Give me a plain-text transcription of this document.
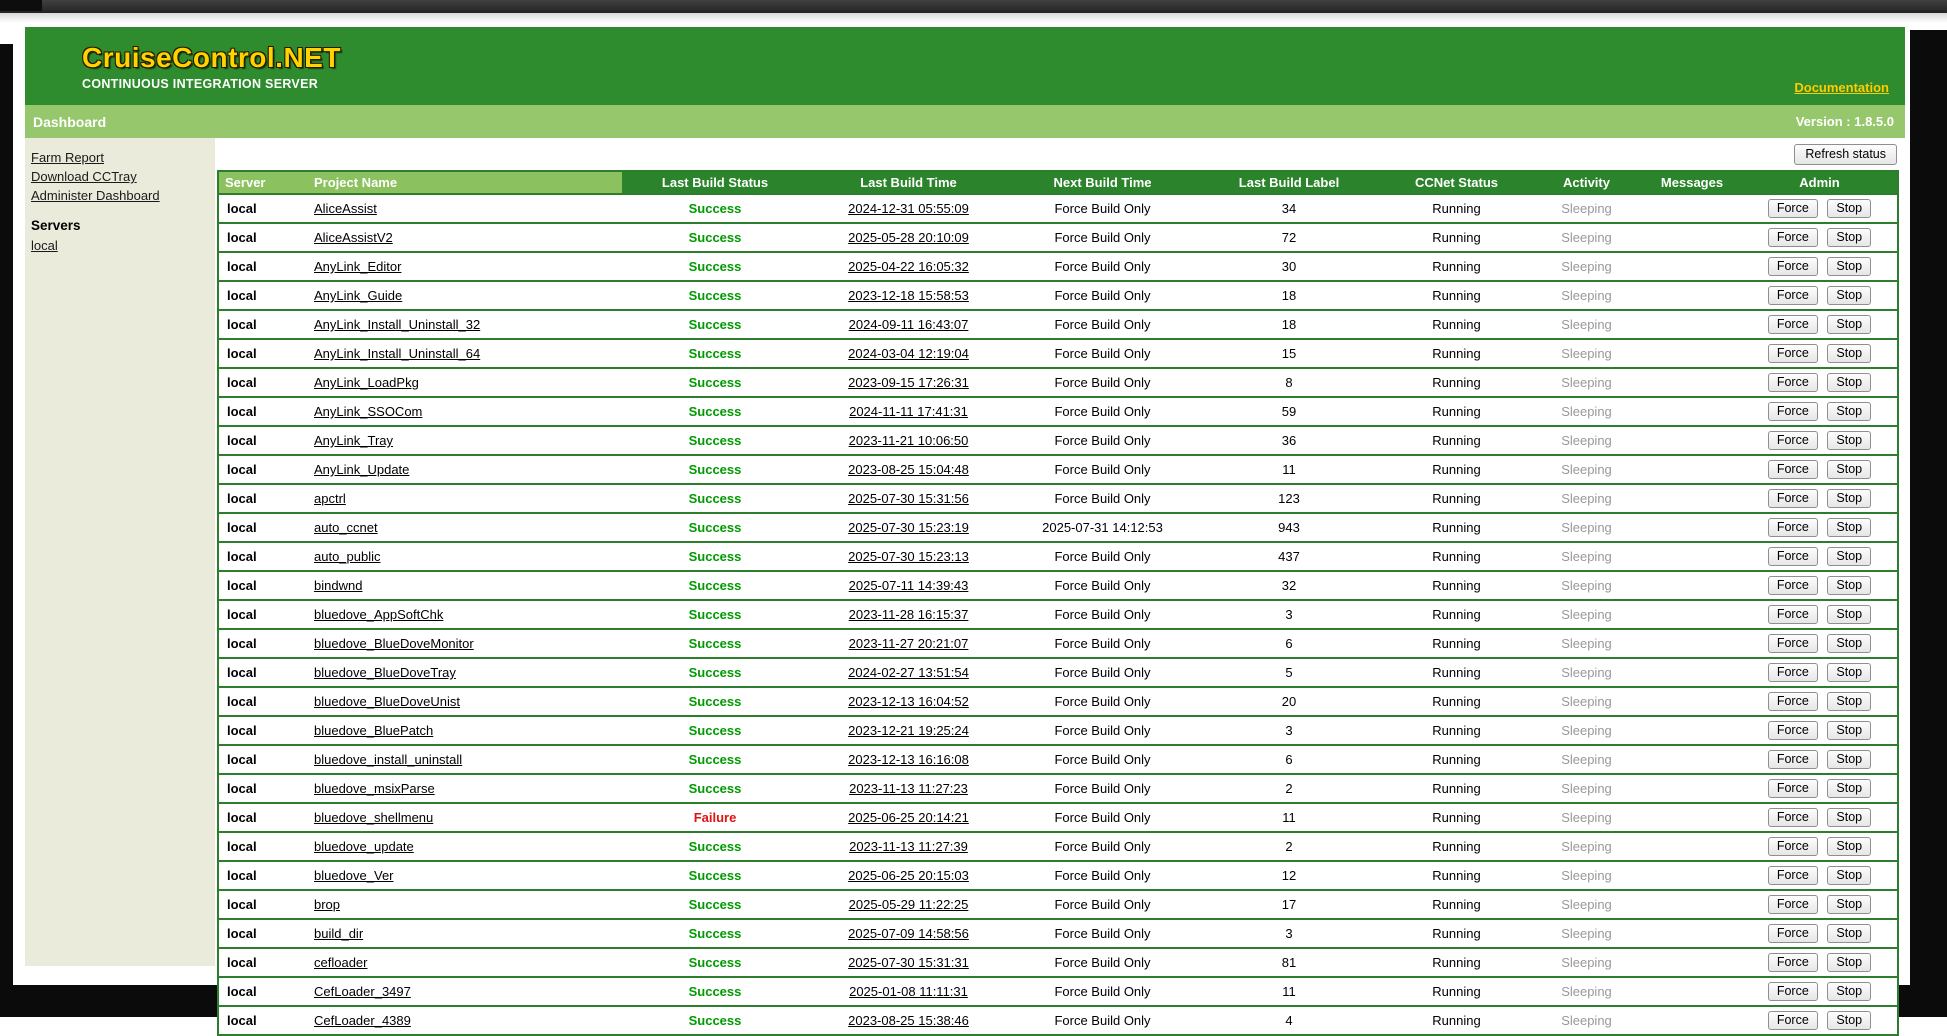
CruiseControl.NET
CONTINUOUS INTEGRATION SERVER	Documentation
Dashboard	Version : 1.8.5.0
Farm Report
Download CCTray
Administer Dashboard
Servers
local
Refresh status
Server	Project Name	Last Build Status	Last Build Time	Next Build Time	Last Build Label	CCNet Status	Activity	Messages	Admin
local	AliceAssist	Success	2024-12-31 05:55:09	Force Build Only	34	Running	Sleeping		Force Stop
local	AliceAssistV2	Success	2025-05-28 20:10:09	Force Build Only	72	Running	Sleeping		Force Stop
local	AnyLink_Editor	Success	2025-04-22 16:05:32	Force Build Only	30	Running	Sleeping		Force Stop
local	AnyLink_Guide	Success	2023-12-18 15:58:53	Force Build Only	18	Running	Sleeping		Force Stop
local	AnyLink_Install_Uninstall_32	Success	2024-09-11 16:43:07	Force Build Only	18	Running	Sleeping		Force Stop
local	AnyLink_Install_Uninstall_64	Success	2024-03-04 12:19:04	Force Build Only	15	Running	Sleeping		Force Stop
local	AnyLink_LoadPkg	Success	2023-09-15 17:26:31	Force Build Only	8	Running	Sleeping		Force Stop
local	AnyLink_SSOCom	Success	2024-11-11 17:41:31	Force Build Only	59	Running	Sleeping		Force Stop
local	AnyLink_Tray	Success	2023-11-21 10:06:50	Force Build Only	36	Running	Sleeping		Force Stop
local	AnyLink_Update	Success	2023-08-25 15:04:48	Force Build Only	11	Running	Sleeping		Force Stop
local	apctrl	Success	2025-07-30 15:31:56	Force Build Only	123	Running	Sleeping		Force Stop
local	auto_ccnet	Success	2025-07-30 15:23:19	2025-07-31 14:12:53	943	Running	Sleeping		Force Stop
local	auto_public	Success	2025-07-30 15:23:13	Force Build Only	437	Running	Sleeping		Force Stop
local	bindwnd	Success	2025-07-11 14:39:43	Force Build Only	32	Running	Sleeping		Force Stop
local	bluedove_AppSoftChk	Success	2023-11-28 16:15:37	Force Build Only	3	Running	Sleeping		Force Stop
local	bluedove_BlueDoveMonitor	Success	2023-11-27 20:21:07	Force Build Only	6	Running	Sleeping		Force Stop
local	bluedove_BlueDoveTray	Success	2024-02-27 13:51:54	Force Build Only	5	Running	Sleeping		Force Stop
local	bluedove_BlueDoveUnist	Success	2023-12-13 16:04:52	Force Build Only	20	Running	Sleeping		Force Stop
local	bluedove_BluePatch	Success	2023-12-21 19:25:24	Force Build Only	3	Running	Sleeping		Force Stop
local	bluedove_install_uninstall	Success	2023-12-13 16:16:08	Force Build Only	6	Running	Sleeping		Force Stop
local	bluedove_msixParse	Success	2023-11-13 11:27:23	Force Build Only	2	Running	Sleeping		Force Stop
local	bluedove_shellmenu	Failure	2025-06-25 20:14:21	Force Build Only	11	Running	Sleeping		Force Stop
local	bluedove_update	Success	2023-11-13 11:27:39	Force Build Only	2	Running	Sleeping		Force Stop
local	bluedove_Ver	Success	2025-06-25 20:15:03	Force Build Only	12	Running	Sleeping		Force Stop
local	brop	Success	2025-05-29 11:22:25	Force Build Only	17	Running	Sleeping		Force Stop
local	build_dir	Success	2025-07-09 14:58:56	Force Build Only	3	Running	Sleeping		Force Stop
local	cefloader	Success	2025-07-30 15:31:31	Force Build Only	81	Running	Sleeping		Force Stop
local	CefLoader_3497	Success	2025-01-08 11:11:31	Force Build Only	11	Running	Sleeping		Force Stop
local	CefLoader_4389	Success	2023-08-25 15:38:46	Force Build Only	4	Running	Sleeping		Force Stop
